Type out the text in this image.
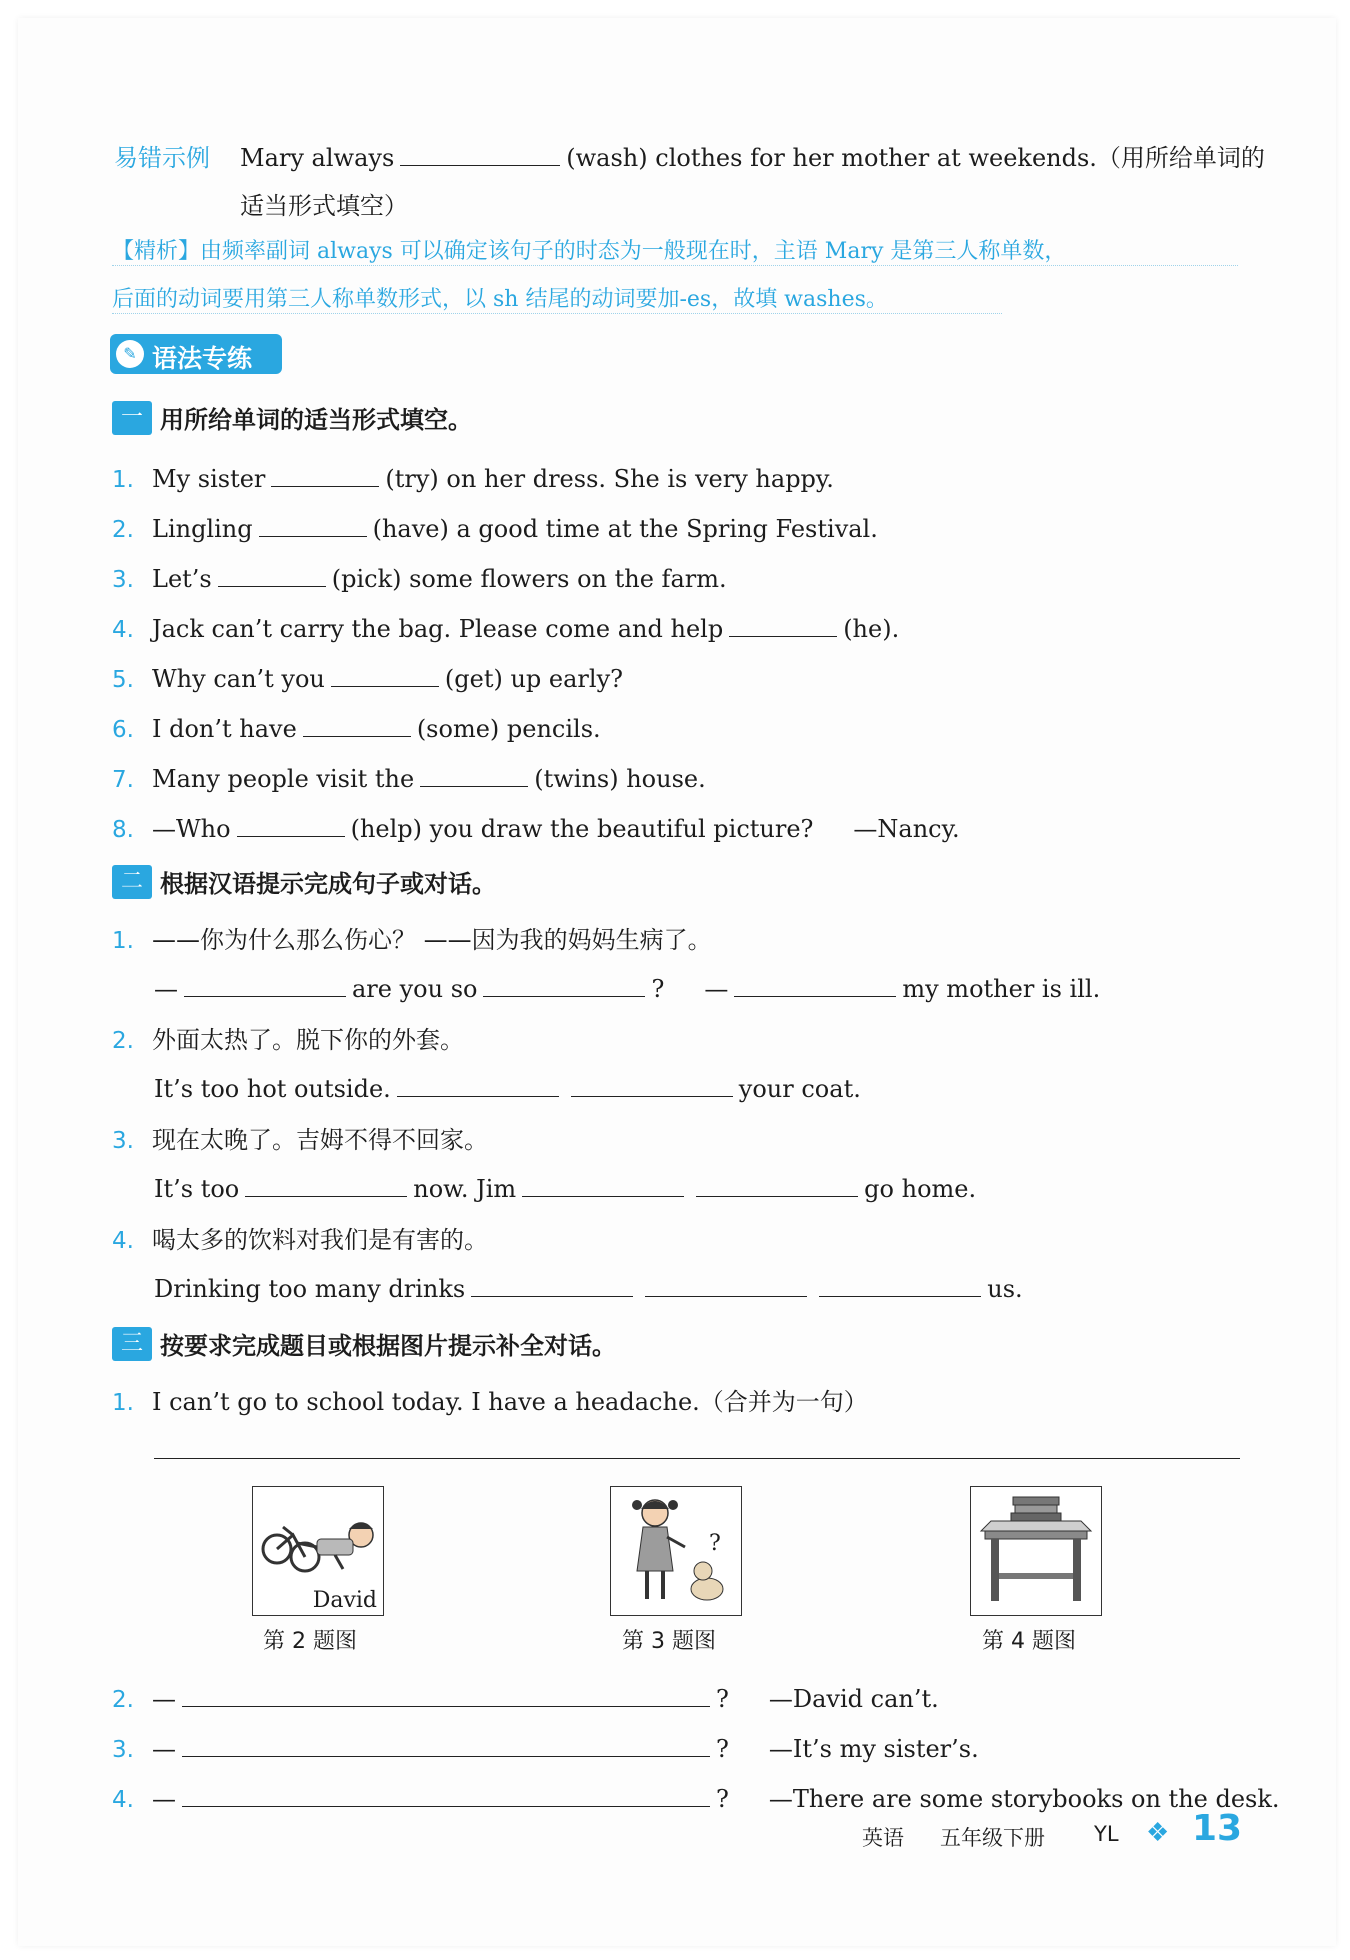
易错示例 Mary always	(wash) clothes for her mother at weekends.（用所给单词的
适当形式填空）
【精析】由频率副词 always 可以确定该句子的时态为一般现在时，主语 Mary 是第三人称单数，
后面的动词要用第三人称单数形式，以 sh 结尾的动词要加-es，故填 washes。
✎ 语法专练
一 用所给单词的适当形式填空。
1. My sister	(try) on her dress. She is very happy.
2. Lingling	(have) a good time at the Spring Festival.
3. Let’s	(pick) some flowers on the farm.
4. Jack can’t carry the bag. Please come and help	(he).
5. Why can’t you	(get) up early?
6. I don’t have	(some) pencils.
7. Many people visit the	(twins) house.
8. —Who	(help) you draw the beautiful picture? —Nancy.
二 根据汉语提示完成句子或对话。
1. ——你为什么那么伤心？ ——因为我的妈妈生病了。
—	are you so	? —	my mother is ill.
2. 外面太热了。脱下你的外套。
It’s too hot outside.	your coat.
3. 现在太晚了。吉姆不得不回家。
It’s too	now. Jim	go home.
4. 喝太多的饮料对我们是有害的。
Drinking too many drinks	us.
三 按要求完成题目或根据图片提示补全对话。
1. I can’t go to school today. I have a headache.（合并为一句）
David
第 2 题图
?
第 3 题图	第 4 题图
2. —	? —David can’t.
3. —	? —It’s my sister’s.
4. —	? —There are some storybooks on the desk.
英语 五年级下册 YL ❖ 13
